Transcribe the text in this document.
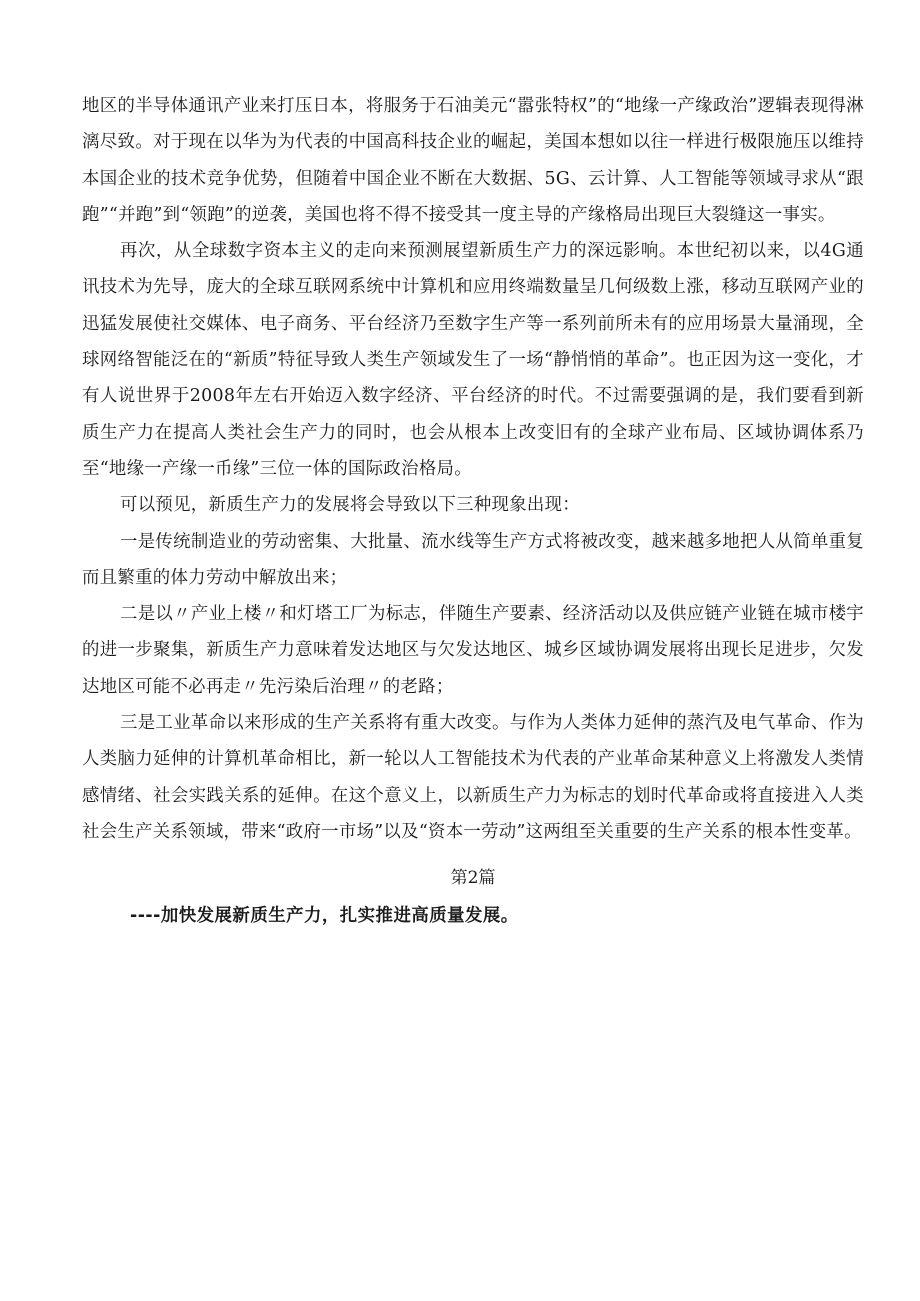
地区的半导体通讯产业来打压日本，将服务于石油美元“嚣张特权”的“地缘一产缘政治”逻辑表现得淋漓尽致。对于现在以华为为代表的中国高科技企业的崛起，美国本想如以往一样进行极限施压以维持本国企业的技术竞争优势，但随着中国企业不断在大数据、5G、云计算、人工智能等领域寻求从“跟跑”“并跑”到“领跑”的逆袭，美国也将不得不接受其一度主导的产缘格局出现巨大裂缝这一事实。

再次，从全球数字资本主义的走向来预测展望新质生产力的深远影响。本世纪初以来，以4G通讯技术为先导，庞大的全球互联网系统中计算机和应用终端数量呈几何级数上涨，移动互联网产业的迅猛发展使社交媒体、电子商务、平台经济乃至数字生产等一系列前所未有的应用场景大量涌现，全球网络智能泛在的“新质”特征导致人类生产领域发生了一场“静悄悄的革命”。也正因为这一变化，才有人说世界于2008年左右开始迈入数字经济、平台经济的时代。不过需要强调的是，我们要看到新质生产力在提高人类社会生产力的同时，也会从根本上改变旧有的全球产业布局、区域协调体系乃至“地缘一产缘一币缘”三位一体的国际政治格局。

可以预见，新质生产力的发展将会导致以下三种现象出现：

一是传统制造业的劳动密集、大批量、流水线等生产方式将被改变，越来越多地把人从简单重复而且繁重的体力劳动中解放出来；

二是以〃产业上楼〃和灯塔工厂为标志，伴随生产要素、经济活动以及供应链产业链在城市楼宇的进一步聚集，新质生产力意味着发达地区与欠发达地区、城乡区域协调发展将出现长足进步，欠发达地区可能不必再走〃先污染后治理〃的老路；

三是工业革命以来形成的生产关系将有重大改变。与作为人类体力延伸的蒸汽及电气革命、作为人类脑力延伸的计算机革命相比，新一轮以人工智能技术为代表的产业革命某种意义上将激发人类情感情绪、社会实践关系的延伸。在这个意义上，以新质生产力为标志的划时代革命或将直接进入人类社会生产关系领域，带来“政府一市场”以及“资本一劳动”这两组至关重要的生产关系的根本性变革。

第2篇
----加快发展新质生产力，扎实推进高质量发展。
